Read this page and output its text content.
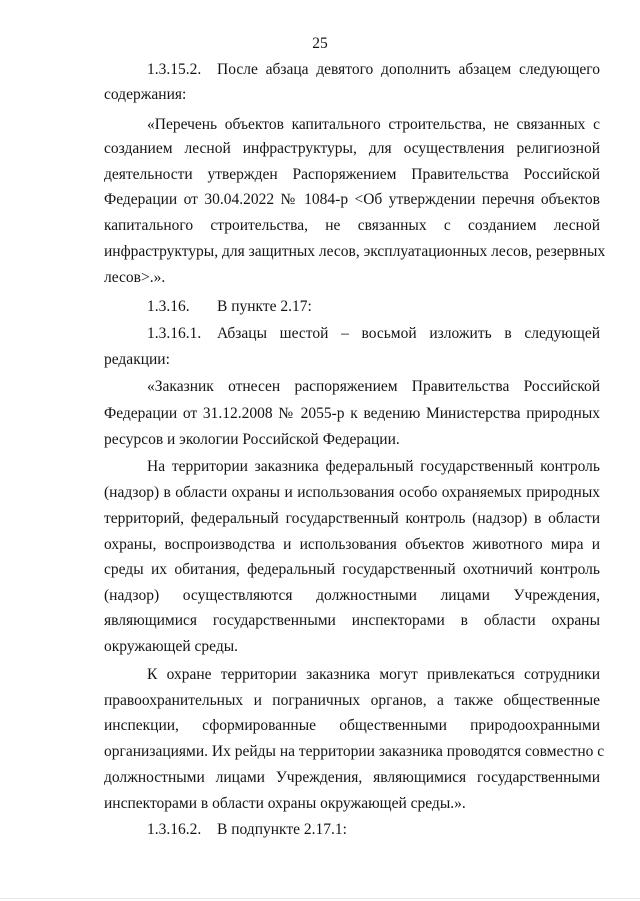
25
1.3.15.2. После абзаца девятого дополнить абзацем следующего
содержания:
«Перечень объектов капитального строительства, не связанных с
созданием лесной инфраструктуры, для осуществления религиозной
деятельности утвержден Распоряжением Правительства Российской
Федерации от 30.04.2022 № 1084-р <Об утверждении перечня объектов
капитального строительства, не связанных с созданием лесной
инфраструктуры, для защитных лесов, эксплуатационных лесов, резервных
лесов>.».
1.3.16. В пункте 2.17:
1.3.16.1. Абзацы шестой – восьмой изложить в следующей
редакции:
«Заказник отнесен распоряжением Правительства Российской
Федерации от 31.12.2008 № 2055-р к ведению Министерства природных
ресурсов и экологии Российской Федерации.
На территории заказника федеральный государственный контроль
(надзор) в области охраны и использования особо охраняемых природных
территорий, федеральный государственный контроль (надзор) в области
охраны, воспроизводства и использования объектов животного мира и
среды их обитания, федеральный государственный охотничий контроль
(надзор) осуществляются должностными лицами Учреждения,
являющимися государственными инспекторами в области охраны
окружающей среды.
К охране территории заказника могут привлекаться сотрудники
правоохранительных и пограничных органов, а также общественные
инспекции, сформированные общественными природоохранными
организациями. Их рейды на территории заказника проводятся совместно с
должностными лицами Учреждения, являющимися государственными
инспекторами в области охраны окружающей среды.».
1.3.16.2. В подпункте 2.17.1:
